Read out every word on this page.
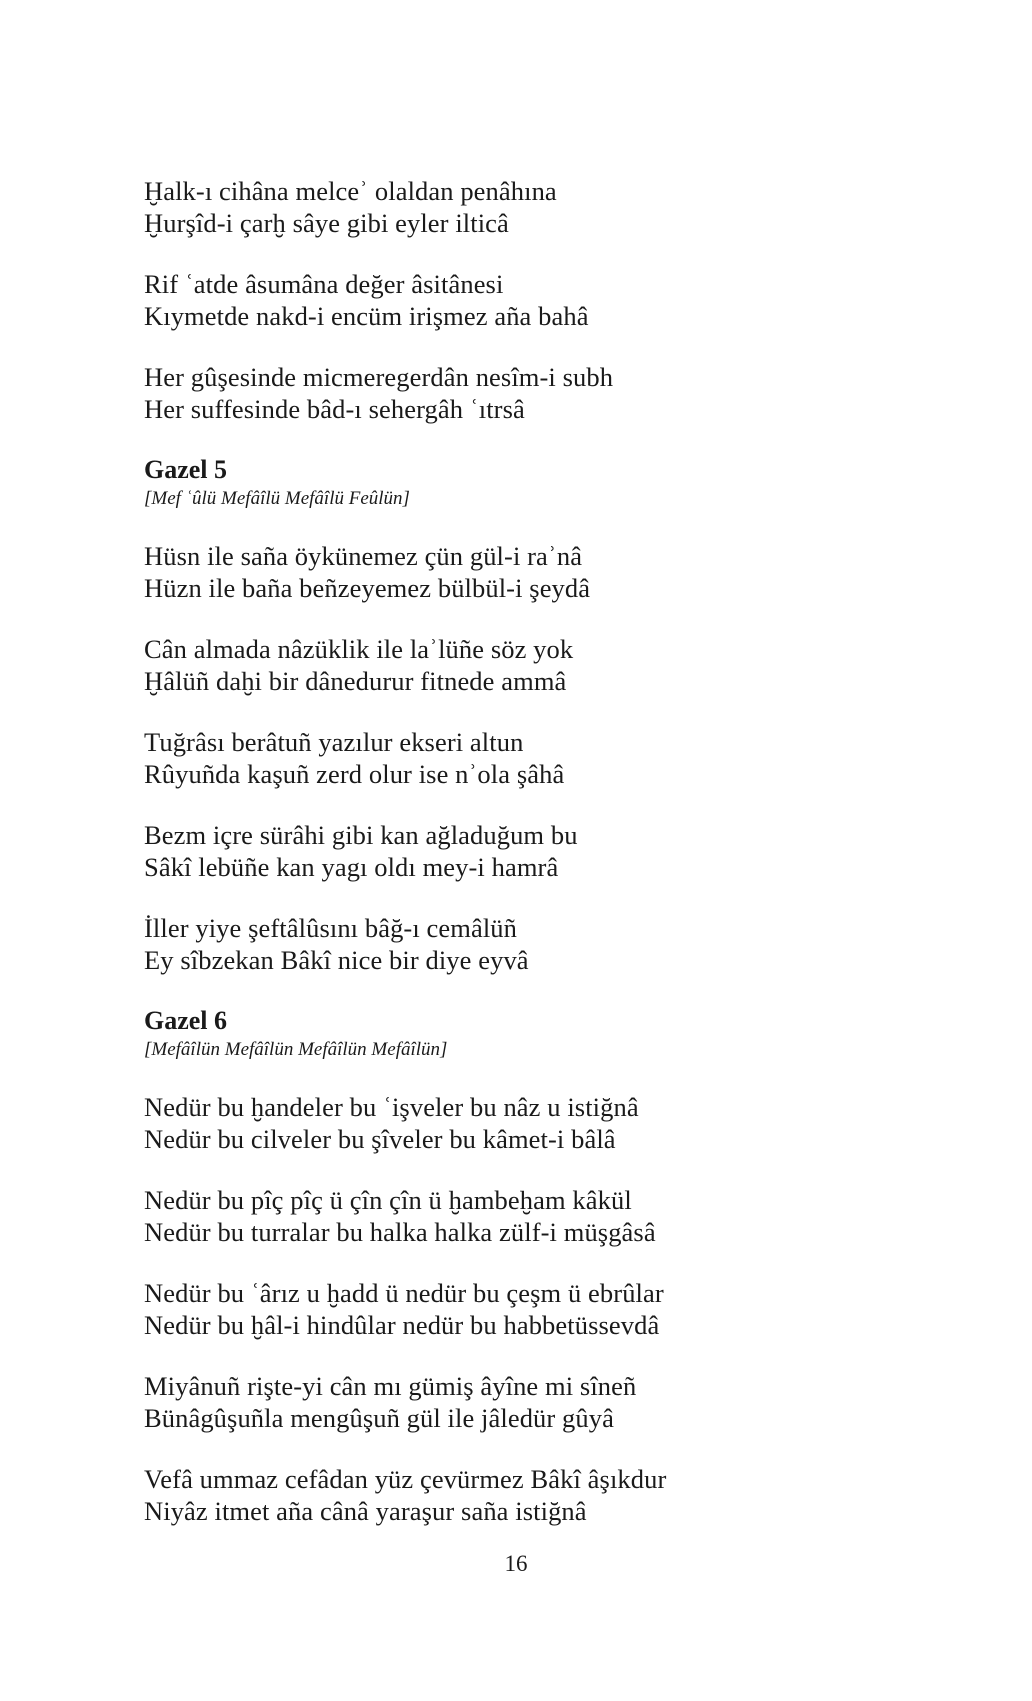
Ḫalk-ı cihâna melceʾ olaldan penâhına
Ḫurşîd-i çarḫ sâye gibi eyler ilticâ
Rif ʿatde âsumâna değer âsitânesi
Kıymetde nakd-i encüm irişmez aña bahâ
Her gûşesinde micmeregerdân nesîm-i subh
Her suffesinde bâd-ı sehergâh ʿıtrsâ
Gazel 5
[Mef ʿûlü Mefâîlü Mefâîlü Feûlün]
Hüsn ile saña öykünemez çün gül-i raʾnâ
Hüzn ile baña beñzeyemez bülbül-i şeydâ
Cân almada nâzüklik ile laʾlüñe söz yok
Ḫâlüñ daḫi bir dânedurur fitnede ammâ
Tuğrâsı berâtuñ yazılur ekseri altun
Rûyuñda kaşuñ zerd olur ise nʾola şâhâ
Bezm içre sürâhi gibi kan ağladuğum bu
Sâkî lebüñe kan yagı oldı mey-i hamrâ
İller yiye şeftâlûsını bâğ-ı cemâlüñ
Ey sîbzekan Bâkî nice bir diye eyvâ
Gazel 6
[Mefâîlün Mefâîlün Mefâîlün Mefâîlün]
Nedür bu ḫandeler bu ʿişveler bu nâz u istiğnâ
Nedür bu cilveler bu şîveler bu kâmet-i bâlâ
Nedür bu pîç pîç ü çîn çîn ü ḫambeḫam kâkül
Nedür bu turralar bu halka halka zülf-i müşgâsâ
Nedür bu ʿârız u ḫadd ü nedür bu çeşm ü ebrûlar
Nedür bu ḫâl-i hindûlar nedür bu habbetüssevdâ
Miyânuñ rişte-yi cân mı gümiş âyîne mi sîneñ
Bünâgûşuñla mengûşuñ gül ile jâledür gûyâ
Vefâ ummaz cefâdan yüz çevürmez Bâkî âşıkdur
Niyâz itmet aña cânâ yaraşur saña istiğnâ
16
